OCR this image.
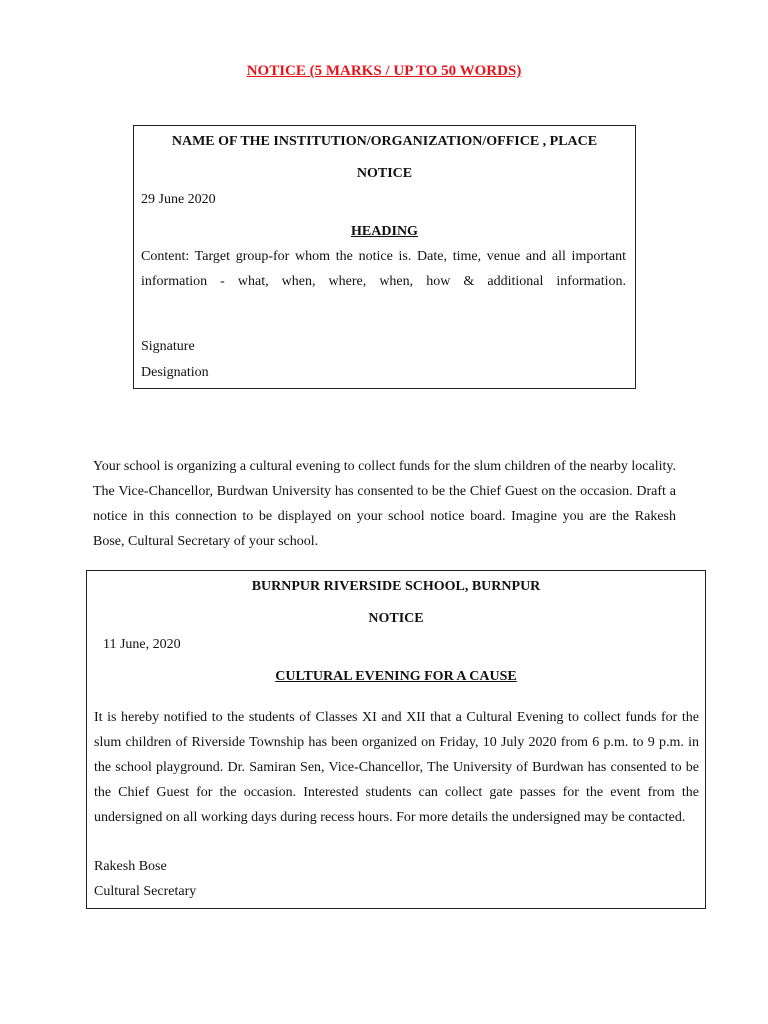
NOTICE (5 MARKS / UP TO 50 WORDS)
NAME OF THE INSTITUTION/ORGANIZATION/OFFICE , PLACE
NOTICE
29 June 2020
HEADING
Content: Target group-for whom the notice is. Date, time, venue and all important information - what, when, where, when, how & additional information.
Signature
Designation
Your school is organizing a cultural evening to collect funds for the slum children of the nearby locality. The Vice-Chancellor, Burdwan University has consented to be the Chief Guest on the occasion. Draft a notice in this connection to be displayed on your school notice board. Imagine you are the Rakesh Bose, Cultural Secretary of your school.
BURNPUR RIVERSIDE SCHOOL, BURNPUR
NOTICE
11 June, 2020
CULTURAL EVENING FOR A CAUSE
It is hereby notified to the students of Classes XI and XII that a Cultural Evening to collect funds for the slum children of Riverside Township has been organized on Friday, 10 July 2020 from 6 p.m. to 9 p.m. in the school playground. Dr. Samiran Sen, Vice-Chancellor, The University of Burdwan has consented to be the Chief Guest for the occasion. Interested students can collect gate passes for the event from the undersigned on all working days during recess hours. For more details the undersigned may be contacted.
Rakesh Bose
Cultural Secretary
